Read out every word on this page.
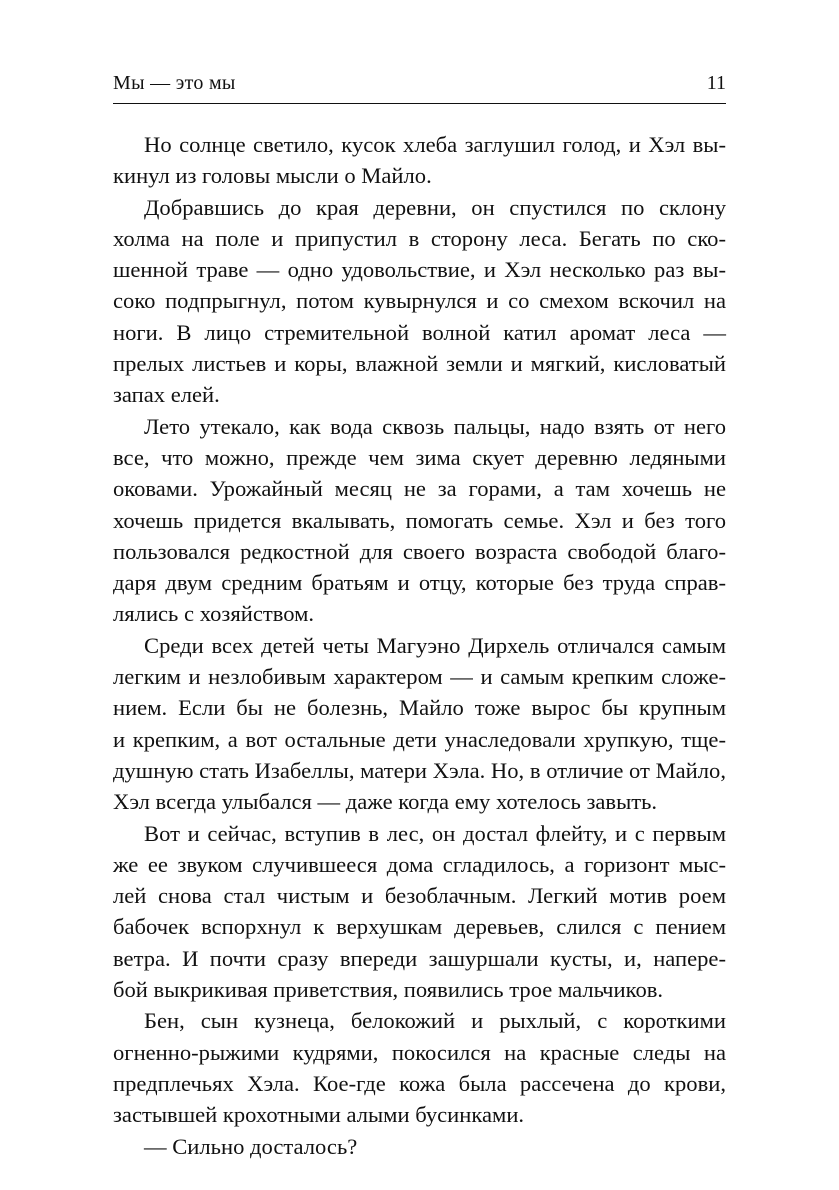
Мы — это мы	11
Но солнце светило, кусок хлеба заглушил голод, и Хэл вы-
кинул из головы мысли о Майло.
Добравшись до края деревни, он спустился по склону
холма на поле и припустил в сторону леса. Бегать по ско-
шенной траве — одно удовольствие, и Хэл несколько раз вы-
соко подпрыгнул, потом кувырнулся и со смехом вскочил на
ноги. В лицо стремительной волной катил аромат леса —
прелых листьев и коры, влажной земли и мягкий, кисловатый
запах елей.
Лето утекало, как вода сквозь пальцы, надо взять от него
все, что можно, прежде чем зима скует деревню ледяными
оковами. Урожайный месяц не за горами, а там хочешь не
хочешь придется вкалывать, помогать семье. Хэл и без того
пользовался редкостной для своего возраста свободой благо-
даря двум средним братьям и отцу, которые без труда справ-
лялись с хозяйством.
Среди всех детей четы Магуэно Дирхель отличался самым
легким и незлобивым характером — и самым крепким сложе-
нием. Если бы не болезнь, Майло тоже вырос бы крупным
и крепким, а вот остальные дети унаследовали хрупкую, тще-
душную стать Изабеллы, матери Хэла. Но, в отличие от Майло,
Хэл всегда улыбался — даже когда ему хотелось завыть.
Вот и сейчас, вступив в лес, он достал флейту, и с первым
же ее звуком случившееся дома сгладилось, а горизонт мыс-
лей снова стал чистым и безоблачным. Легкий мотив роем
бабочек вспорхнул к верхушкам деревьев, слился с пением
ветра. И почти сразу впереди зашуршали кусты, и, напере-
бой выкрикивая приветствия, появились трое мальчиков.
Бен, сын кузнеца, белокожий и рыхлый, с короткими
огненно-рыжими кудрями, покосился на красные следы на
предплечьях Хэла. Кое-где кожа была рассечена до крови,
застывшей крохотными алыми бусинками.
— Сильно досталось?
